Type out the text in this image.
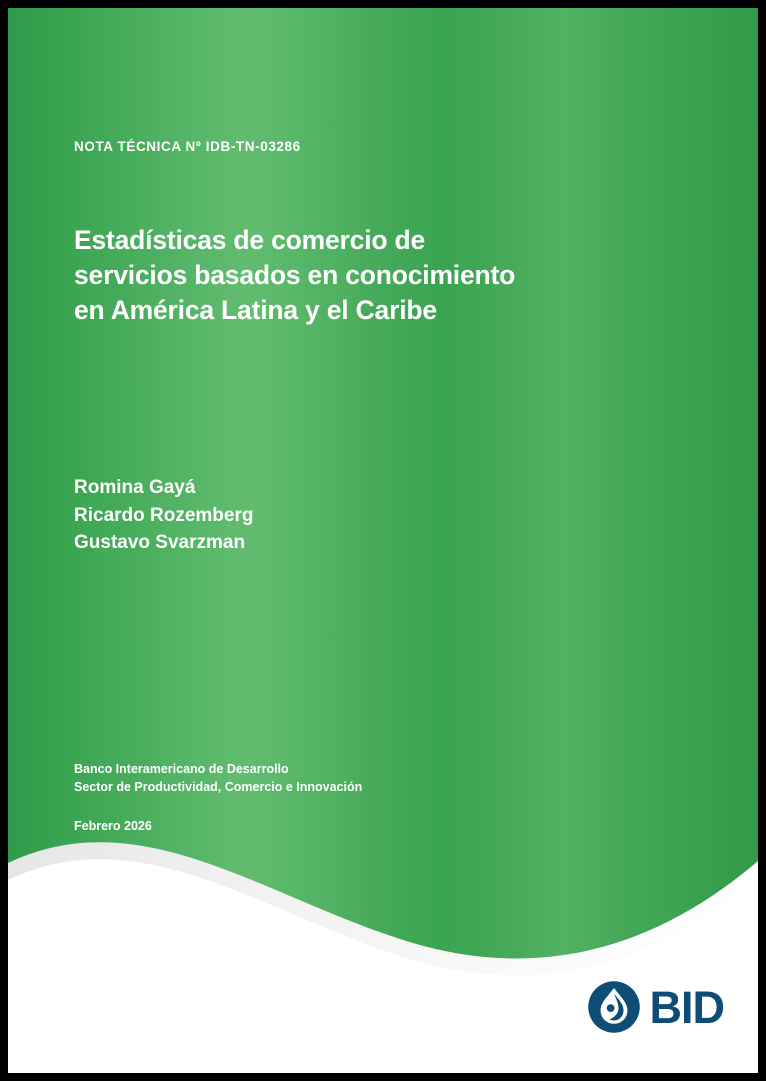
NOTA TÉCNICA Nº IDB-TN-03286
Estadísticas de comercio de
servicios basados en conocimiento
en América Latina y el Caribe
Romina Gayá
Ricardo Rozemberg
Gustavo Svarzman
Banco Interamericano de Desarrollo
Sector de Productividad, Comercio e Innovación
Febrero 2026
BID
